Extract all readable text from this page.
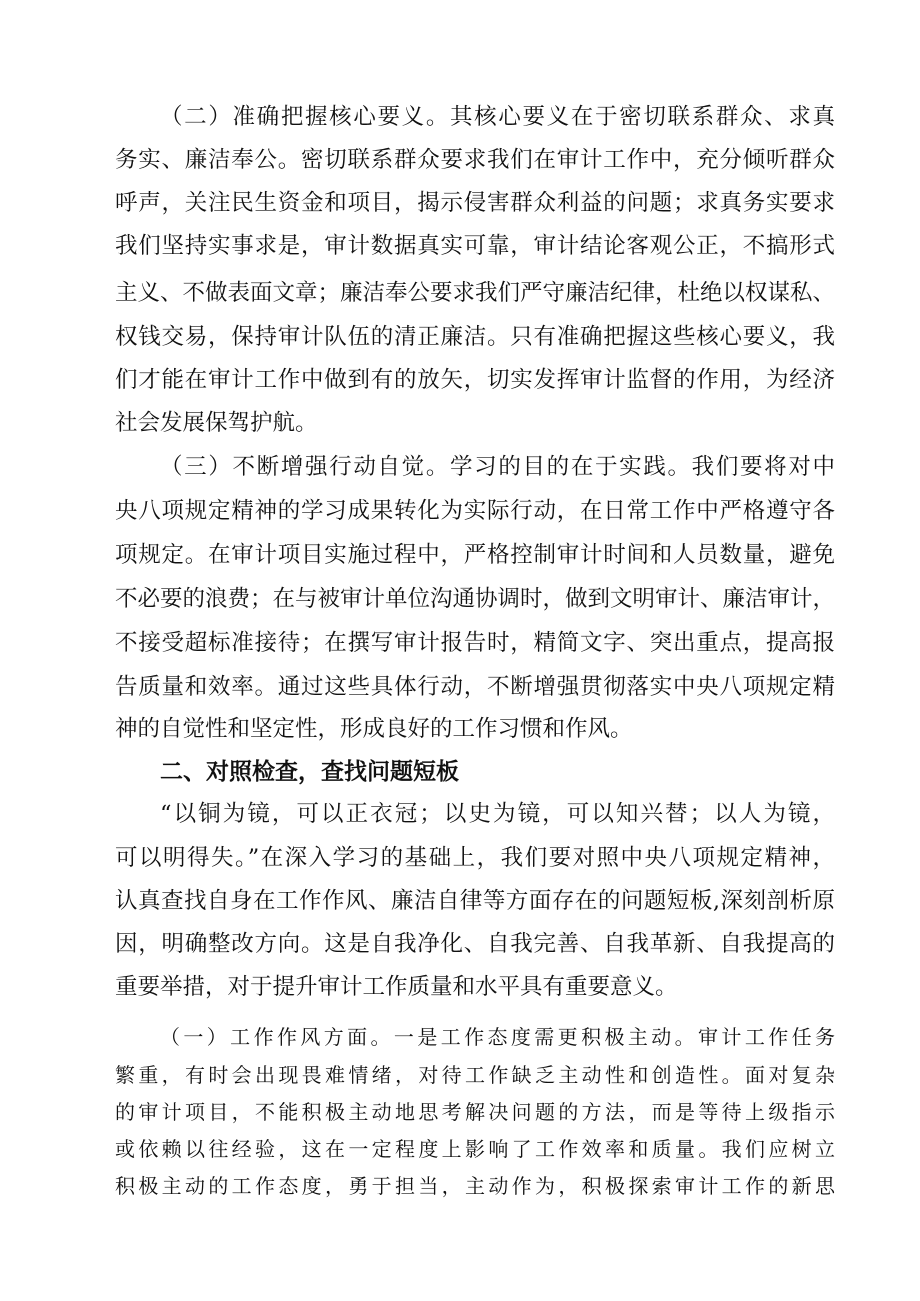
（二）准确把握核心要义。其核心要义在于密切联系群众、求真
务实、廉洁奉公。密切联系群众要求我们在审计工作中，充分倾听群众
呼声，关注民生资金和项目，揭示侵害群众利益的问题；求真务实要求
我们坚持实事求是，审计数据真实可靠，审计结论客观公正，不搞形式
主义、不做表面文章；廉洁奉公要求我们严守廉洁纪律，杜绝以权谋私、
权钱交易，保持审计队伍的清正廉洁。只有准确把握这些核心要义，我
们才能在审计工作中做到有的放矢，切实发挥审计监督的作用，为经济
社会发展保驾护航。
（三）不断增强行动自觉。学习的目的在于实践。我们要将对中
央八项规定精神的学习成果转化为实际行动，在日常工作中严格遵守各
项规定。在审计项目实施过程中，严格控制审计时间和人员数量，避免
不必要的浪费；在与被审计单位沟通协调时，做到文明审计、廉洁审计，
不接受超标准接待；在撰写审计报告时，精简文字、突出重点，提高报
告质量和效率。通过这些具体行动，不断增强贯彻落实中央八项规定精
神的自觉性和坚定性，形成良好的工作习惯和作风。
二、对照检查，查找问题短板
“以铜为镜，可以正衣冠；以史为镜，可以知兴替；以人为镜，
可以明得失。”在深入学习的基础上，我们要对照中央八项规定精神，
认真查找自身在工作作风、廉洁自律等方面存在的问题短板,深刻剖析原
因，明确整改方向。这是自我净化、自我完善、自我革新、自我提高的
重要举措，对于提升审计工作质量和水平具有重要意义。
（一）工作作风方面。一是工作态度需更积极主动。审计工作任务
繁重，有时会出现畏难情绪，对待工作缺乏主动性和创造性。面对复杂
的审计项目，不能积极主动地思考解决问题的方法，而是等待上级指示
或依赖以往经验，这在一定程度上影响了工作效率和质量。我们应树立
积极主动的工作态度，勇于担当，主动作为，积极探索审计工作的新思
